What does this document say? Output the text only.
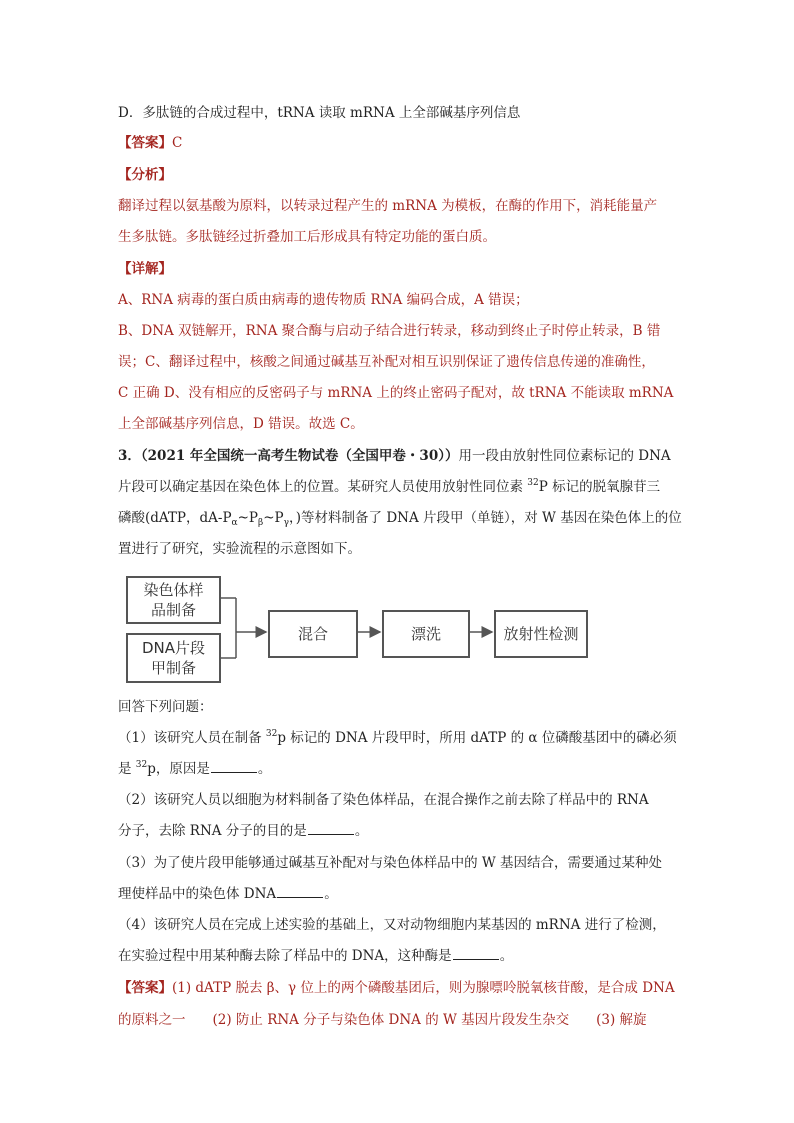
D．多肽链的合成过程中，tRNA 读取 mRNA 上全部碱基序列信息
【答案】C
【分析】
翻译过程以氨基酸为原料，以转录过程产生的 mRNA 为模板，在酶的作用下，消耗能量产
生多肽链。多肽链经过折叠加工后形成具有特定功能的蛋白质。
【详解】
A、RNA 病毒的蛋白质由病毒的遗传物质 RNA 编码合成，A 错误；
B、DNA 双链解开，RNA 聚合酶与启动子结合进行转录，移动到终止子时停止转录，B 错
误；C、翻译过程中，核酸之间通过碱基互补配对相互识别保证了遗传信息传递的准确性，
C 正确 D、没有相应的反密码子与 mRNA 上的终止密码子配对，故 tRNA 不能读取 mRNA
上全部碱基序列信息，D 错误。故选 C。
3．（2021 年全国统一高考生物试卷（全国甲卷・30））用一段由放射性同位素标记的 DNA
片段可以确定基因在染色体上的位置。某研究人员使用放射性同位素 $^{32}$P 标记的脱氧腺苷三
磷酸(dATP，$dA-P_\alpha\sim P_\beta\sim P_\gamma$，)等材料制备了 DNA 片段甲（单链），对 W 基因在染色体上的位
置进行了研究，实验流程的示意图如下。
染色体样品制备
DNA片段甲制备
混合	漂洗	放射性检测
回答下列问题：
（1）该研究人员在制备 $^{32}$p 标记的 DNA 片段甲时，所用 dATP 的 α 位磷酸基团中的磷必须
是 $^{32}$p，原因是	。
（2）该研究人员以细胞为材料制备了染色体样品，在混合操作之前去除了样品中的 RNA
分子，去除 RNA 分子的目的是	。
（3）为了使片段甲能够通过碱基互补配对与染色体样品中的 W 基因结合，需要通过某种处
理使样品中的染色体 DNA	。
（4）该研究人员在完成上述实验的基础上，又对动物细胞内某基因的 mRNA 进行了检测，
在实验过程中用某种酶去除了样品中的 DNA，这种酶是	。
【答案】(1) dATP 脱去 β、γ 位上的两个磷酸基团后，则为腺嘌呤脱氧核苷酸，是合成 DNA
的原料之一　　(2) 防止 RNA 分子与染色体 DNA 的 W 基因片段发生杂交　　(3) 解旋
